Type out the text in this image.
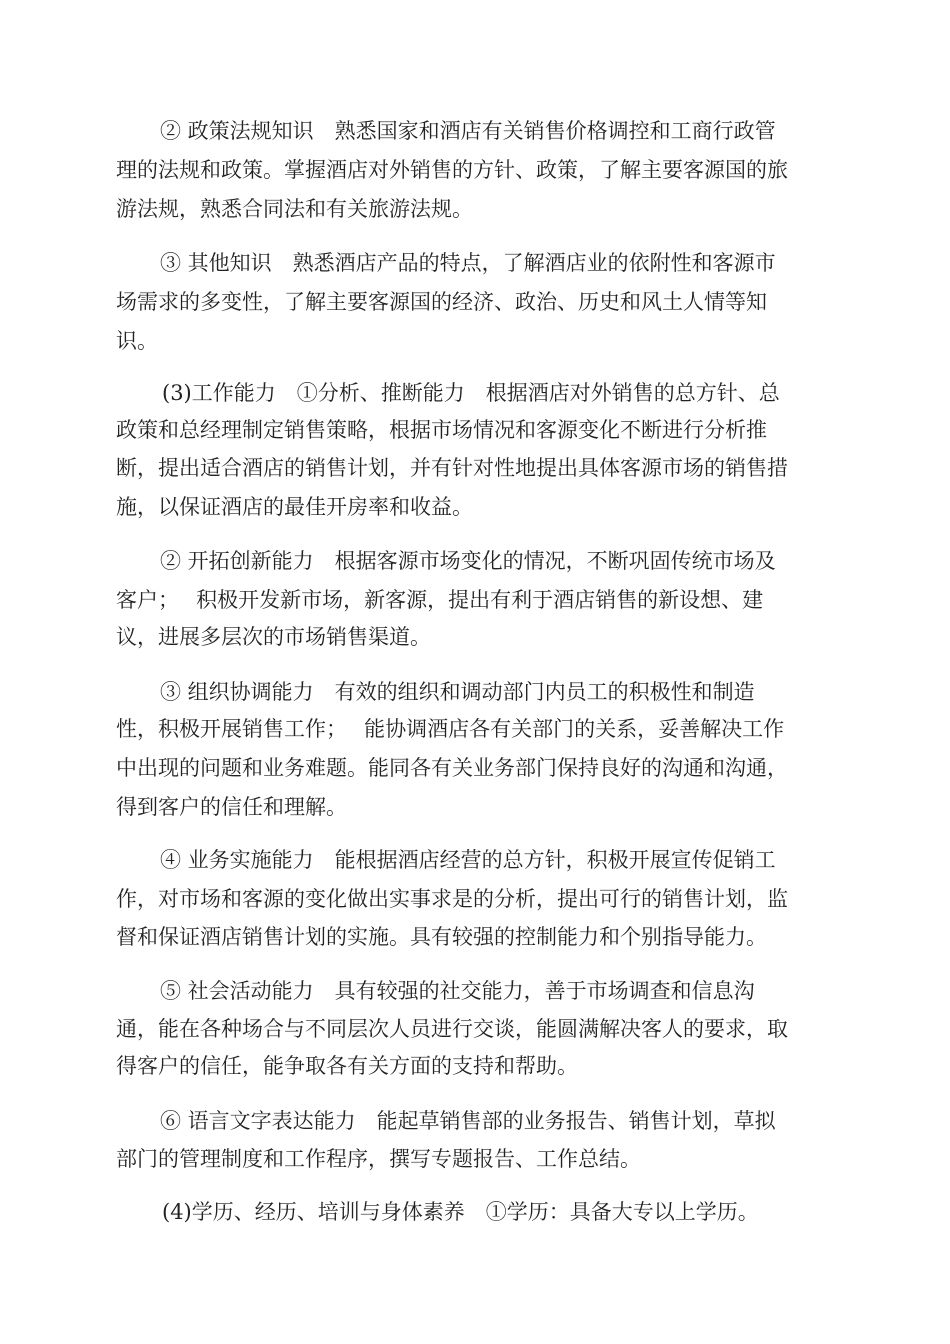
② 政策法规知识　熟悉国家和酒店有关销售价格调控和工商行政管
理的法规和政策。掌握酒店对外销售的方针、政策，了解主要客源国的旅
游法规，熟悉合同法和有关旅游法规。
③ 其他知识　熟悉酒店产品的特点，了解酒店业的依附性和客源市
场需求的多变性，了解主要客源国的经济、政治、历史和风土人情等知
识。
(3)工作能力　①分析、推断能力　根据酒店对外销售的总方针、总
政策和总经理制定销售策略，根据市场情况和客源变化不断进行分析推
断，提出适合酒店的销售计划，并有针对性地提出具体客源市场的销售措
施，以保证酒店的最佳开房率和收益。
② 开拓创新能力　根据客源市场变化的情况，不断巩固传统市场及
客户；　 积极开发新市场，新客源，提出有利于酒店销售的新设想、建
议，进展多层次的市场销售渠道。
③ 组织协调能力　有效的组织和调动部门内员工的积极性和制造
性，积极开展销售工作；　 能协调酒店各有关部门的关系，妥善解决工作
中出现的问题和业务难题。能同各有关业务部门保持良好的沟通和沟通，
得到客户的信任和理解。
④ 业务实施能力　能根据酒店经营的总方针，积极开展宣传促销工
作，对市场和客源的变化做出实事求是的分析，提出可行的销售计划，监
督和保证酒店销售计划的实施。具有较强的控制能力和个别指导能力。
⑤ 社会活动能力　具有较强的社交能力，善于市场调查和信息沟
通，能在各种场合与不同层次人员进行交谈，能圆满解决客人的要求，取
得客户的信任，能争取各有关方面的支持和帮助。
⑥ 语言文字表达能力　能起草销售部的业务报告、销售计划，草拟
部门的管理制度和工作程序，撰写专题报告、工作总结。
(4)学历、经历、培训与身体素养　①学历：具备大专以上学历。
